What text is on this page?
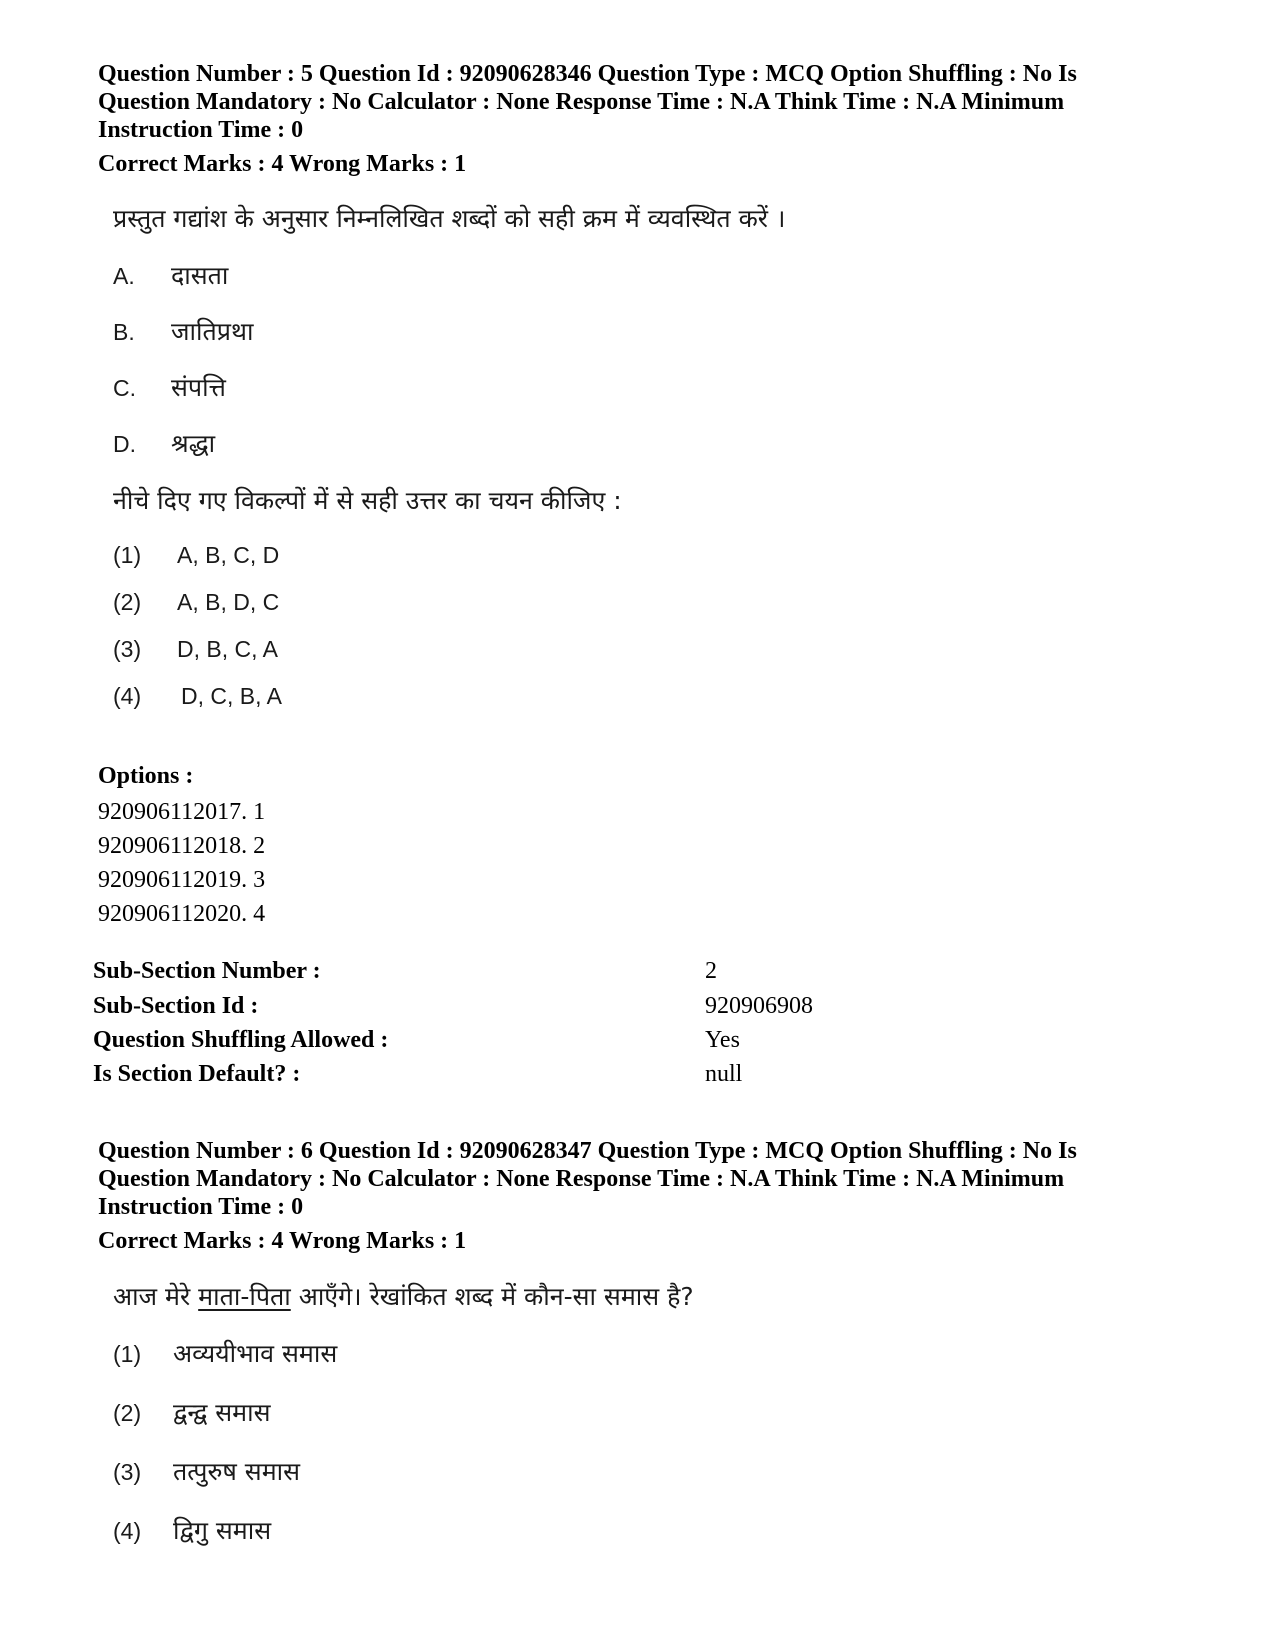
Question Number : 5 Question Id : 92090628346 Question Type : MCQ Option Shuffling : No Is
Question Mandatory : No Calculator : None Response Time : N.A Think Time : N.A Minimum
Instruction Time : 0
Correct Marks : 4 Wrong Marks : 1
प्रस्तुत गद्यांश के अनुसार निम्नलिखित शब्दों को सही क्रम में व्यवस्थित करें ।
A.	दासता
B.	जातिप्रथा
C.	संपत्ति
D.	श्रद्धा
नीचे दिए गए विकल्पों में से सही उत्तर का चयन कीजिए :
(1)	A, B, C, D
(2)	A, B, D, C
(3)	D, B, C, A
(4)	D, C, B, A
Options :
920906112017. 1
920906112018. 2
920906112019. 3
920906112020. 4
Sub-Section Number :	2
Sub-Section Id :	920906908
Question Shuffling Allowed :	Yes
Is Section Default? :	null
Question Number : 6 Question Id : 92090628347 Question Type : MCQ Option Shuffling : No Is
Question Mandatory : No Calculator : None Response Time : N.A Think Time : N.A Minimum
Instruction Time : 0
Correct Marks : 4 Wrong Marks : 1
आज मेरे माता-पिता आएँगे। रेखांकित शब्द में कौन-सा समास है?
(1)	अव्ययीभाव समास
(2)	द्वन्द्व समास
(3)	तत्पुरुष समास
(4)	द्विगु समास
